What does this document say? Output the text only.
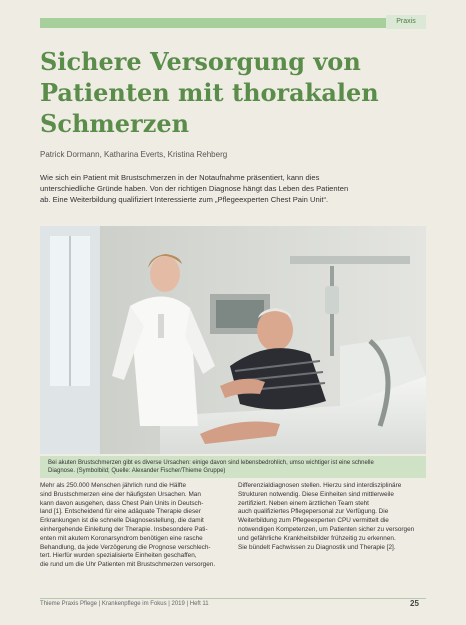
Praxis
Sichere Versorgung von
Patienten mit thorakalen
Schmerzen
Patrick Dormann, Katharina Everts, Kristina Rehberg
Wie sich ein Patient mit Brustschmerzen in der Notaufnahme präsentiert, kann dies
unterschiedliche Gründe haben. Von der richtigen Diagnose hängt das Leben des Patienten
ab. Eine Weiterbildung qualifiziert Interessierte zum „Pflegeexperten Chest Pain Unit“.
Bei akuten Brustschmerzen gibt es diverse Ursachen: einige davon sind lebensbedrohlich, umso wichtiger ist eine schnelle
Diagnose. (Symbolbild; Quelle: Alexander Fischer/Thieme Gruppe)
Mehr als 250.000 Menschen jährlich rund die Hälfte
sind Brustschmerzen eine der häufigsten Ursachen. Man
kann davon ausgehen, dass Chest Pain Units in Deutsch-
land [1]. Entscheidend für eine adäquate Therapie dieser
Erkrankungen ist die schnelle Diagnosestellung, die damit
einhergehende Einleitung der Therapie. Insbesondere Pati-
enten mit akutem Koronarsyndrom benötigen eine rasche
Behandlung, da jede Verzögerung die Prognose verschlech-
tert. Hierfür wurden spezialisierte Einheiten geschaffen,
die rund um die Uhr Patienten mit Brustschmerzen versorgen.
Differenzialdiagnosen stellen. Hierzu sind interdisziplinäre
Strukturen notwendig. Diese Einheiten sind mittlerweile
zertifiziert. Neben einem ärztlichen Team steht
auch qualifiziertes Pflegepersonal zur Verfügung. Die
Weiterbildung zum Pflegeexperten CPU vermittelt die
notwendigen Kompetenzen, um Patienten sicher zu versorgen
und gefährliche Krankheitsbilder frühzeitig zu erkennen.
Sie bündelt Fachwissen zu Diagnostik und Therapie [2].
Thieme Praxis Pflege | Krankenpflege im Fokus | 2019 | Heft 11	25
